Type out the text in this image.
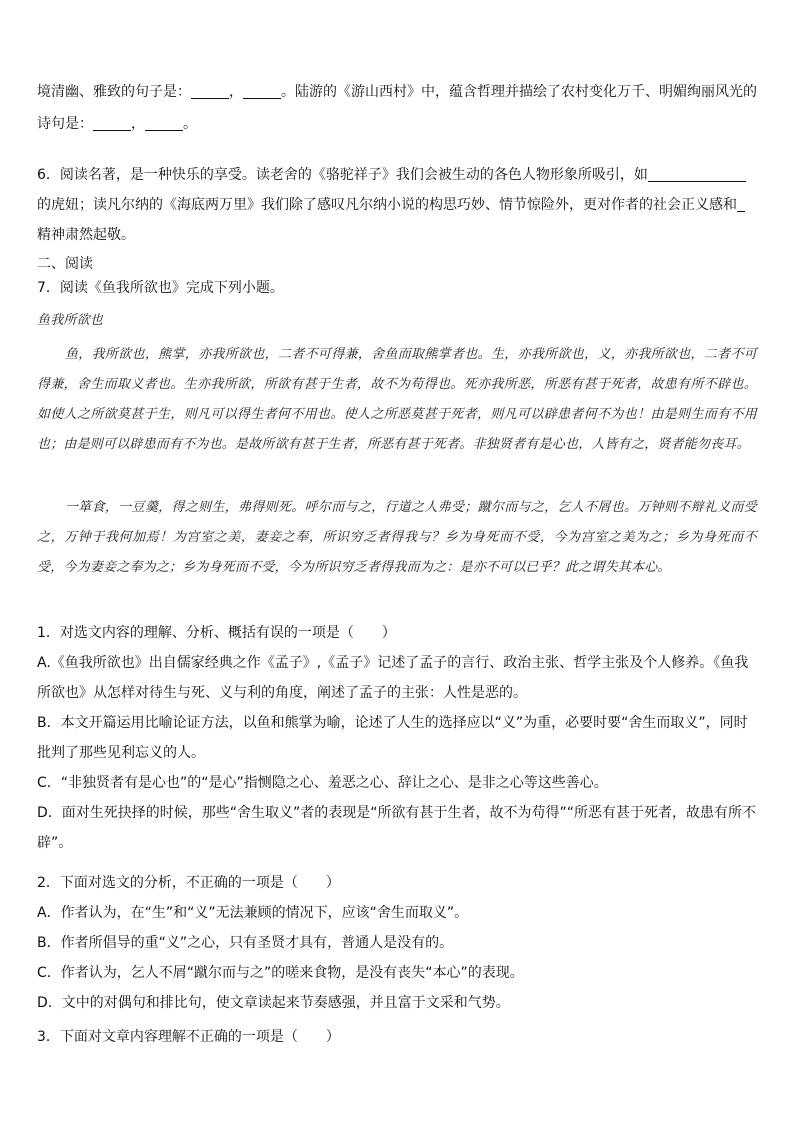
境清幽、雅致的句子是：	，	。陆游的《游山西村》中，蕴含哲理并描绘了农村变化万千、明媚绚丽风光的

诗句是：	，	。

6．阅读名著，是一种快乐的享受。读老舍的《骆驼祥子》我们会被生动的各色人物形象所吸引，如

的虎妞；读凡尔纳的《海底两万里》我们除了感叹凡尔纳小说的构思巧妙、情节惊险外，更对作者的社会正义感和

精神肃然起敬。

二、阅读

7．阅读《鱼我所欲也》完成下列小题。

鱼我所欲也

鱼，我所欲也，熊掌，亦我所欲也，二者不可得兼，舍鱼而取熊掌者也。生，亦我所欲也，义，亦我所欲也，二者不可得兼，舍生而取义者也。生亦我所欲，所欲有甚于生者，故不为苟得也。死亦我所恶，所恶有甚于死者，故患有所不辟也。如使人之所欲莫甚于生，则凡可以得生者何不用也。使人之所恶莫甚于死者，则凡可以辟患者何不为也！由是则生而有不用也；由是则可以辟患而有不为也。是故所欲有甚于生者，所恶有甚于死者。非独贤者有是心也，人皆有之，贤者能勿丧耳。

一箪食，一豆羹，得之则生，弗得则死。呼尔而与之，行道之人弗受；蹴尔而与之，乞人不屑也。万钟则不辩礼义而受之，万钟于我何加焉！为宫室之美，妻妾之奉，所识穷乏者得我与？乡为身死而不受，今为宫室之美为之；乡为身死而不受，今为妻妾之奉为之；乡为身死而不受，今为所识穷乏者得我而为之：是亦不可以已乎？此之谓失其本心。

1．对选文内容的理解、分析、概括有误的一项是（　　）

A.《鱼我所欲也》出自儒家经典之作《孟子》,《孟子》记述了孟子的言行、政治主张、哲学主张及个人修养。《鱼我所欲也》从怎样对待生与死、义与利的角度，阐述了孟子的主张：人性是恶的。

B．本文开篇运用比喻论证方法，以鱼和熊掌为喻，论述了人生的选择应以“义”为重，必要时要“舍生而取义”，同时批判了那些见利忘义的人。

C．“非独贤者有是心也”的“是心”指恻隐之心、羞恶之心、辞让之心、是非之心等这些善心。

D．面对生死抉择的时候，那些“舍生取义”者的表现是“所欲有甚于生者，故不为苟得”“所恶有甚于死者，故患有所不辟”。

2．下面对选文的分析，不正确的一项是（　　）

A．作者认为，在“生”和“义”无法兼顾的情况下，应该“舍生而取义”。

B．作者所倡导的重“义”之心，只有圣贤才具有，普通人是没有的。

C．作者认为，乞人不屑“蹴尔而与之”的嗟来食物，是没有丧失“本心”的表现。

D．文中的对偶句和排比句，使文章读起来节奏感强，并且富于文采和气势。

3．下面对文章内容理解不正确的一项是（　　）
